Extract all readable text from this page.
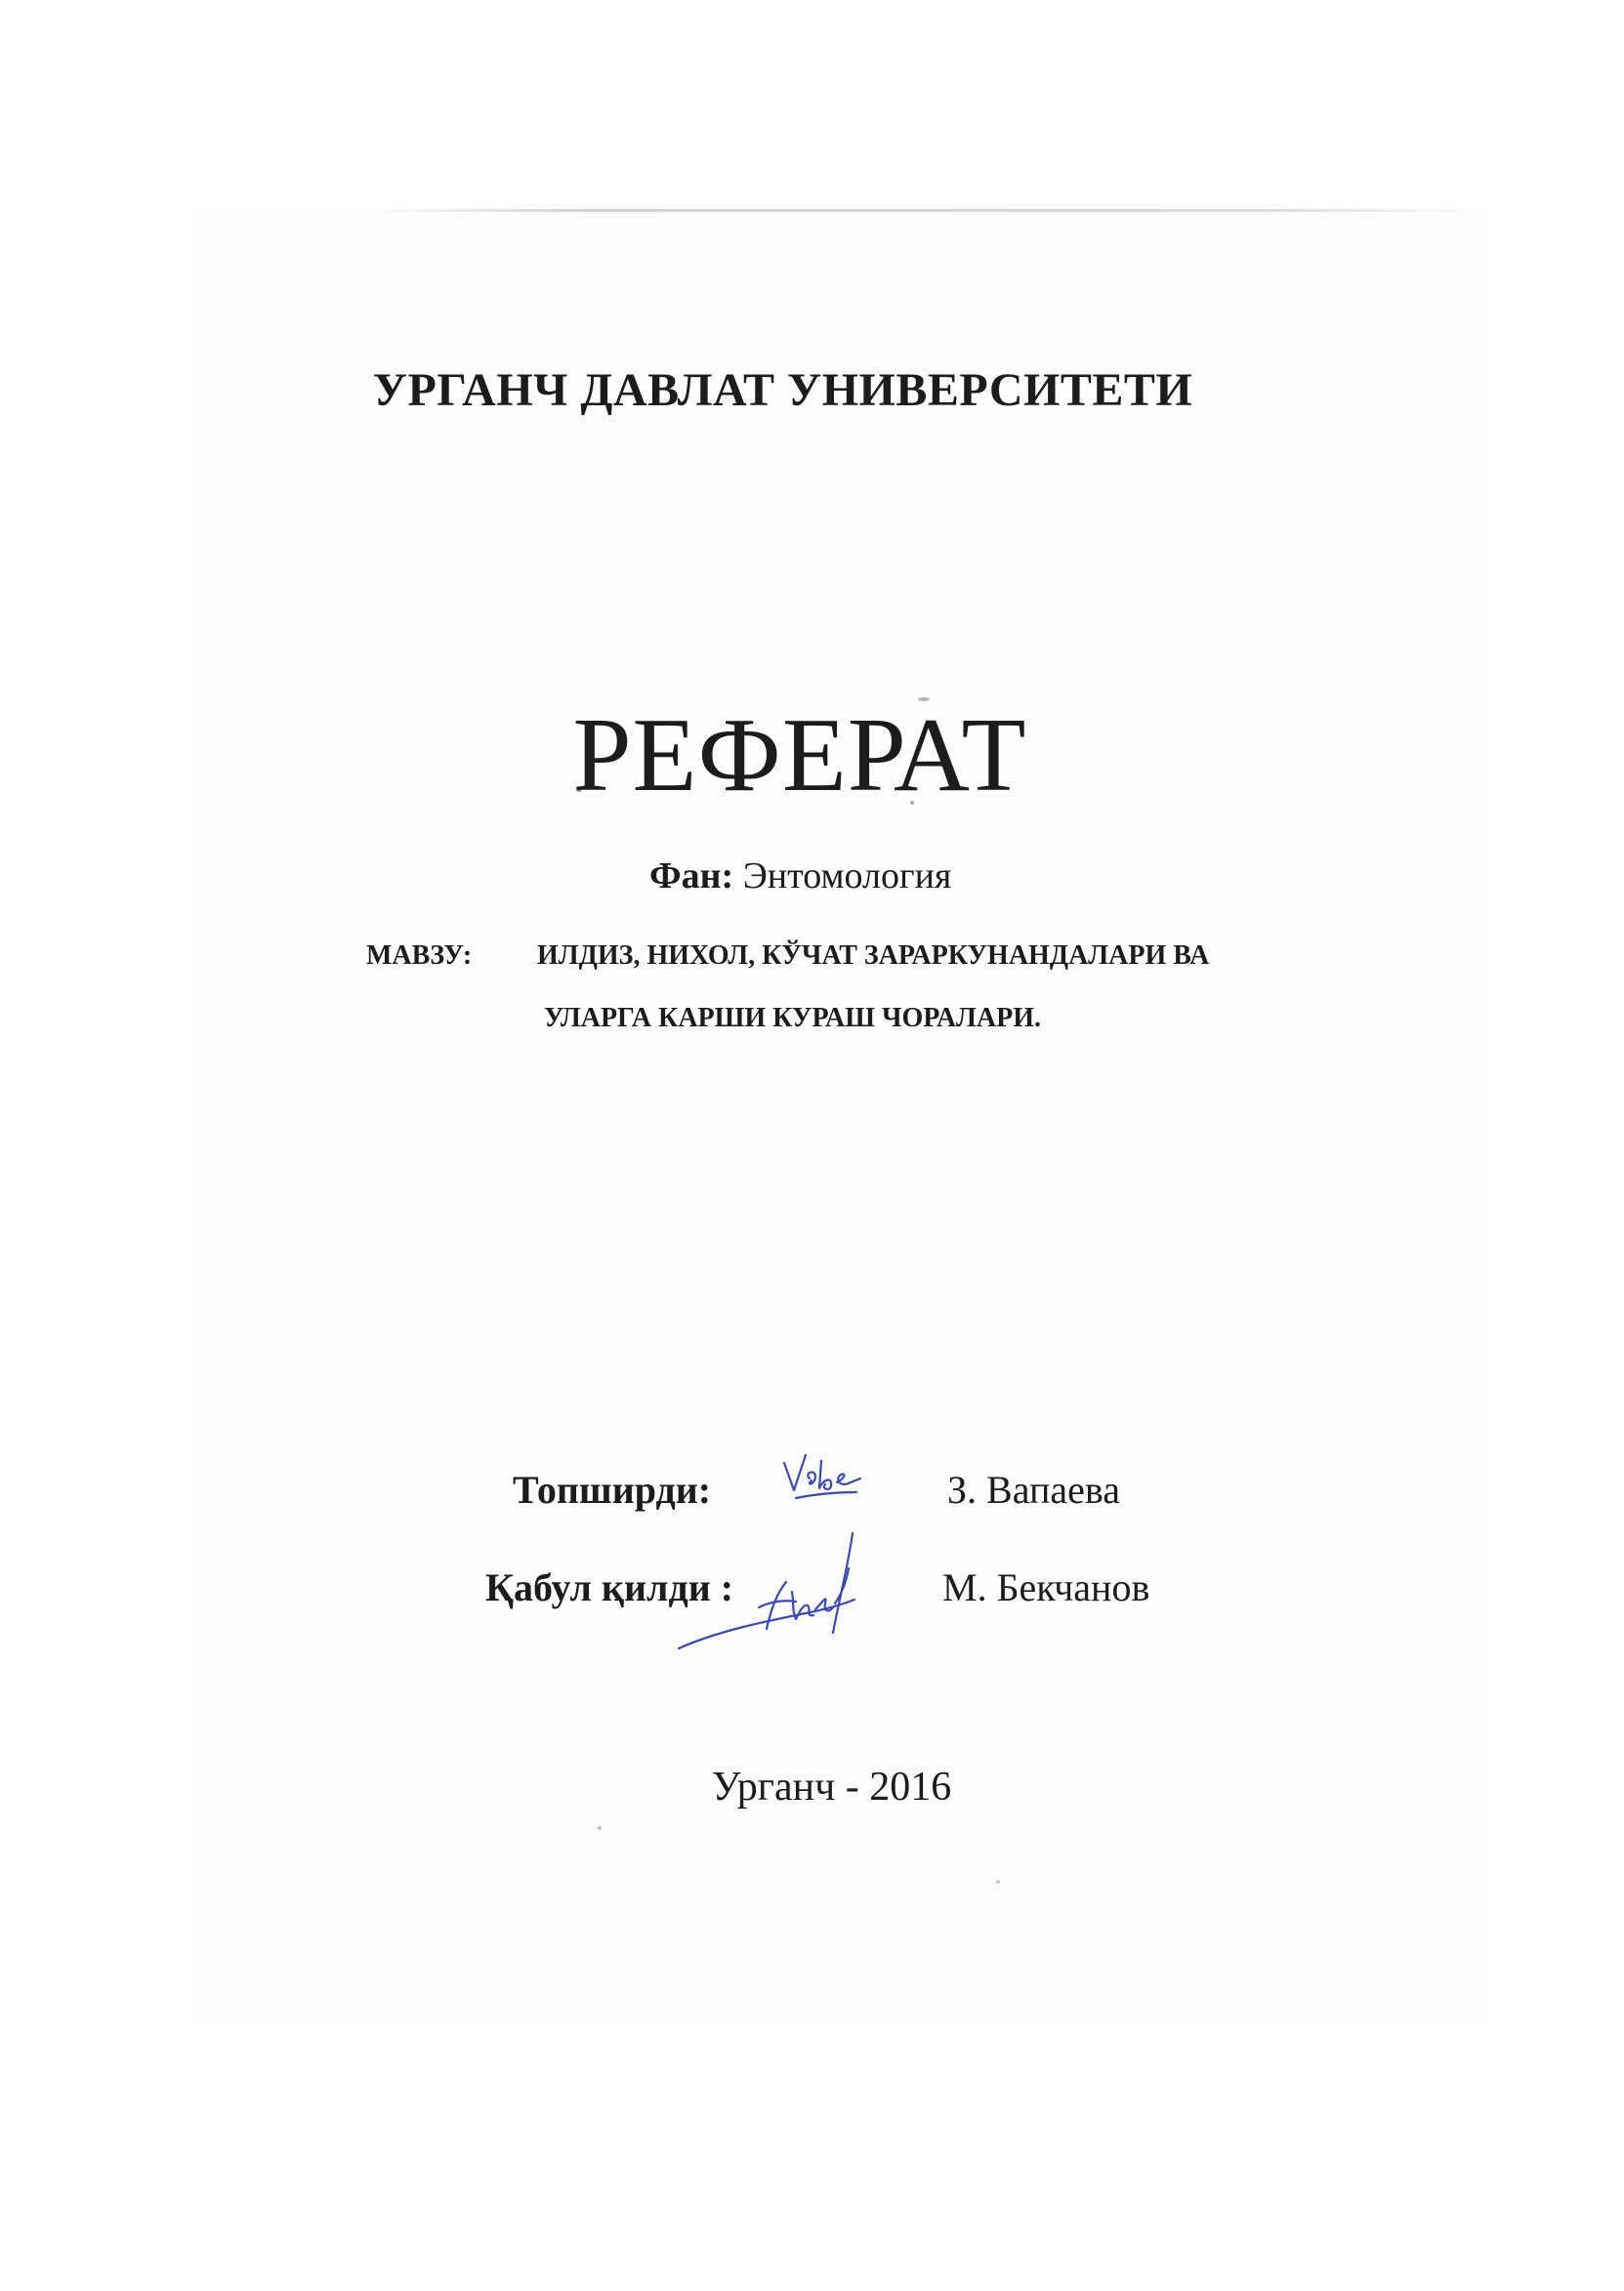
УРГАНЧ ДАВЛАТ УНИВЕРСИТЕТИ
РЕФЕРАТ
Фан: Энтомология
МАВЗУ: ИЛДИЗ, НИХОЛ, КЎЧАТ ЗАРАРКУНАНДАЛАРИ ВА
УЛАРГА КАРШИ КУРАШ ЧОРАЛАРИ.
Топширди:	З. Вапаева
Қабул қилди :	М. Бекчанов
Урганч - 2016
